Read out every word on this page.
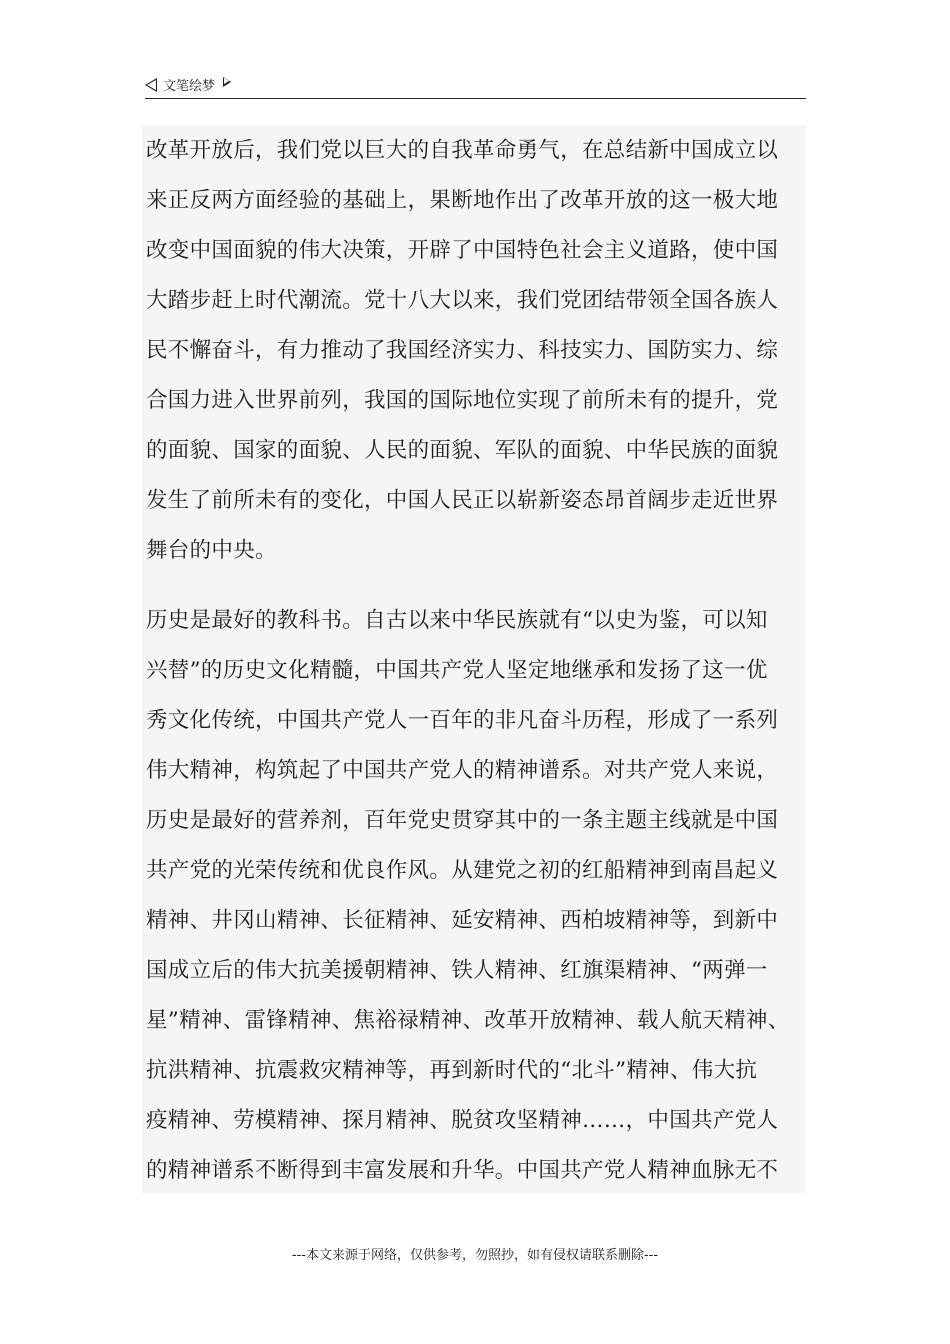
文笔绘梦
改革开放后，我们党以巨大的自我革命勇气，在总结新中国成立以
来正反两方面经验的基础上，果断地作出了改革开放的这一极大地
改变中国面貌的伟大决策，开辟了中国特色社会主义道路，使中国
大踏步赶上时代潮流。党十八大以来，我们党团结带领全国各族人
民不懈奋斗，有力推动了我国经济实力、科技实力、国防实力、综
合国力进入世界前列，我国的国际地位实现了前所未有的提升，党
的面貌、国家的面貌、人民的面貌、军队的面貌、中华民族的面貌
发生了前所未有的变化，中国人民正以崭新姿态昂首阔步走近世界
舞台的中央。
历史是最好的教科书。自古以来中华民族就有“以史为鉴，可以知
兴替”的历史文化精髓，中国共产党人坚定地继承和发扬了这一优
秀文化传统，中国共产党人一百年的非凡奋斗历程，形成了一系列
伟大精神，构筑起了中国共产党人的精神谱系。对共产党人来说，
历史是最好的营养剂，百年党史贯穿其中的一条主题主线就是中国
共产党的光荣传统和优良作风。从建党之初的红船精神到南昌起义
精神、井冈山精神、长征精神、延安精神、西柏坡精神等，到新中
国成立后的伟大抗美援朝精神、铁人精神、红旗渠精神、“两弹一
星”精神、雷锋精神、焦裕禄精神、改革开放精神、载人航天精神、
抗洪精神、抗震救灾精神等，再到新时代的“北斗”精神、伟大抗
疫精神、劳模精神、探月精神、脱贫攻坚精神……，中国共产党人
的精神谱系不断得到丰富发展和升华。中国共产党人精神血脉无不
---本文来源于网络，仅供参考，勿照抄，如有侵权请联系删除---
